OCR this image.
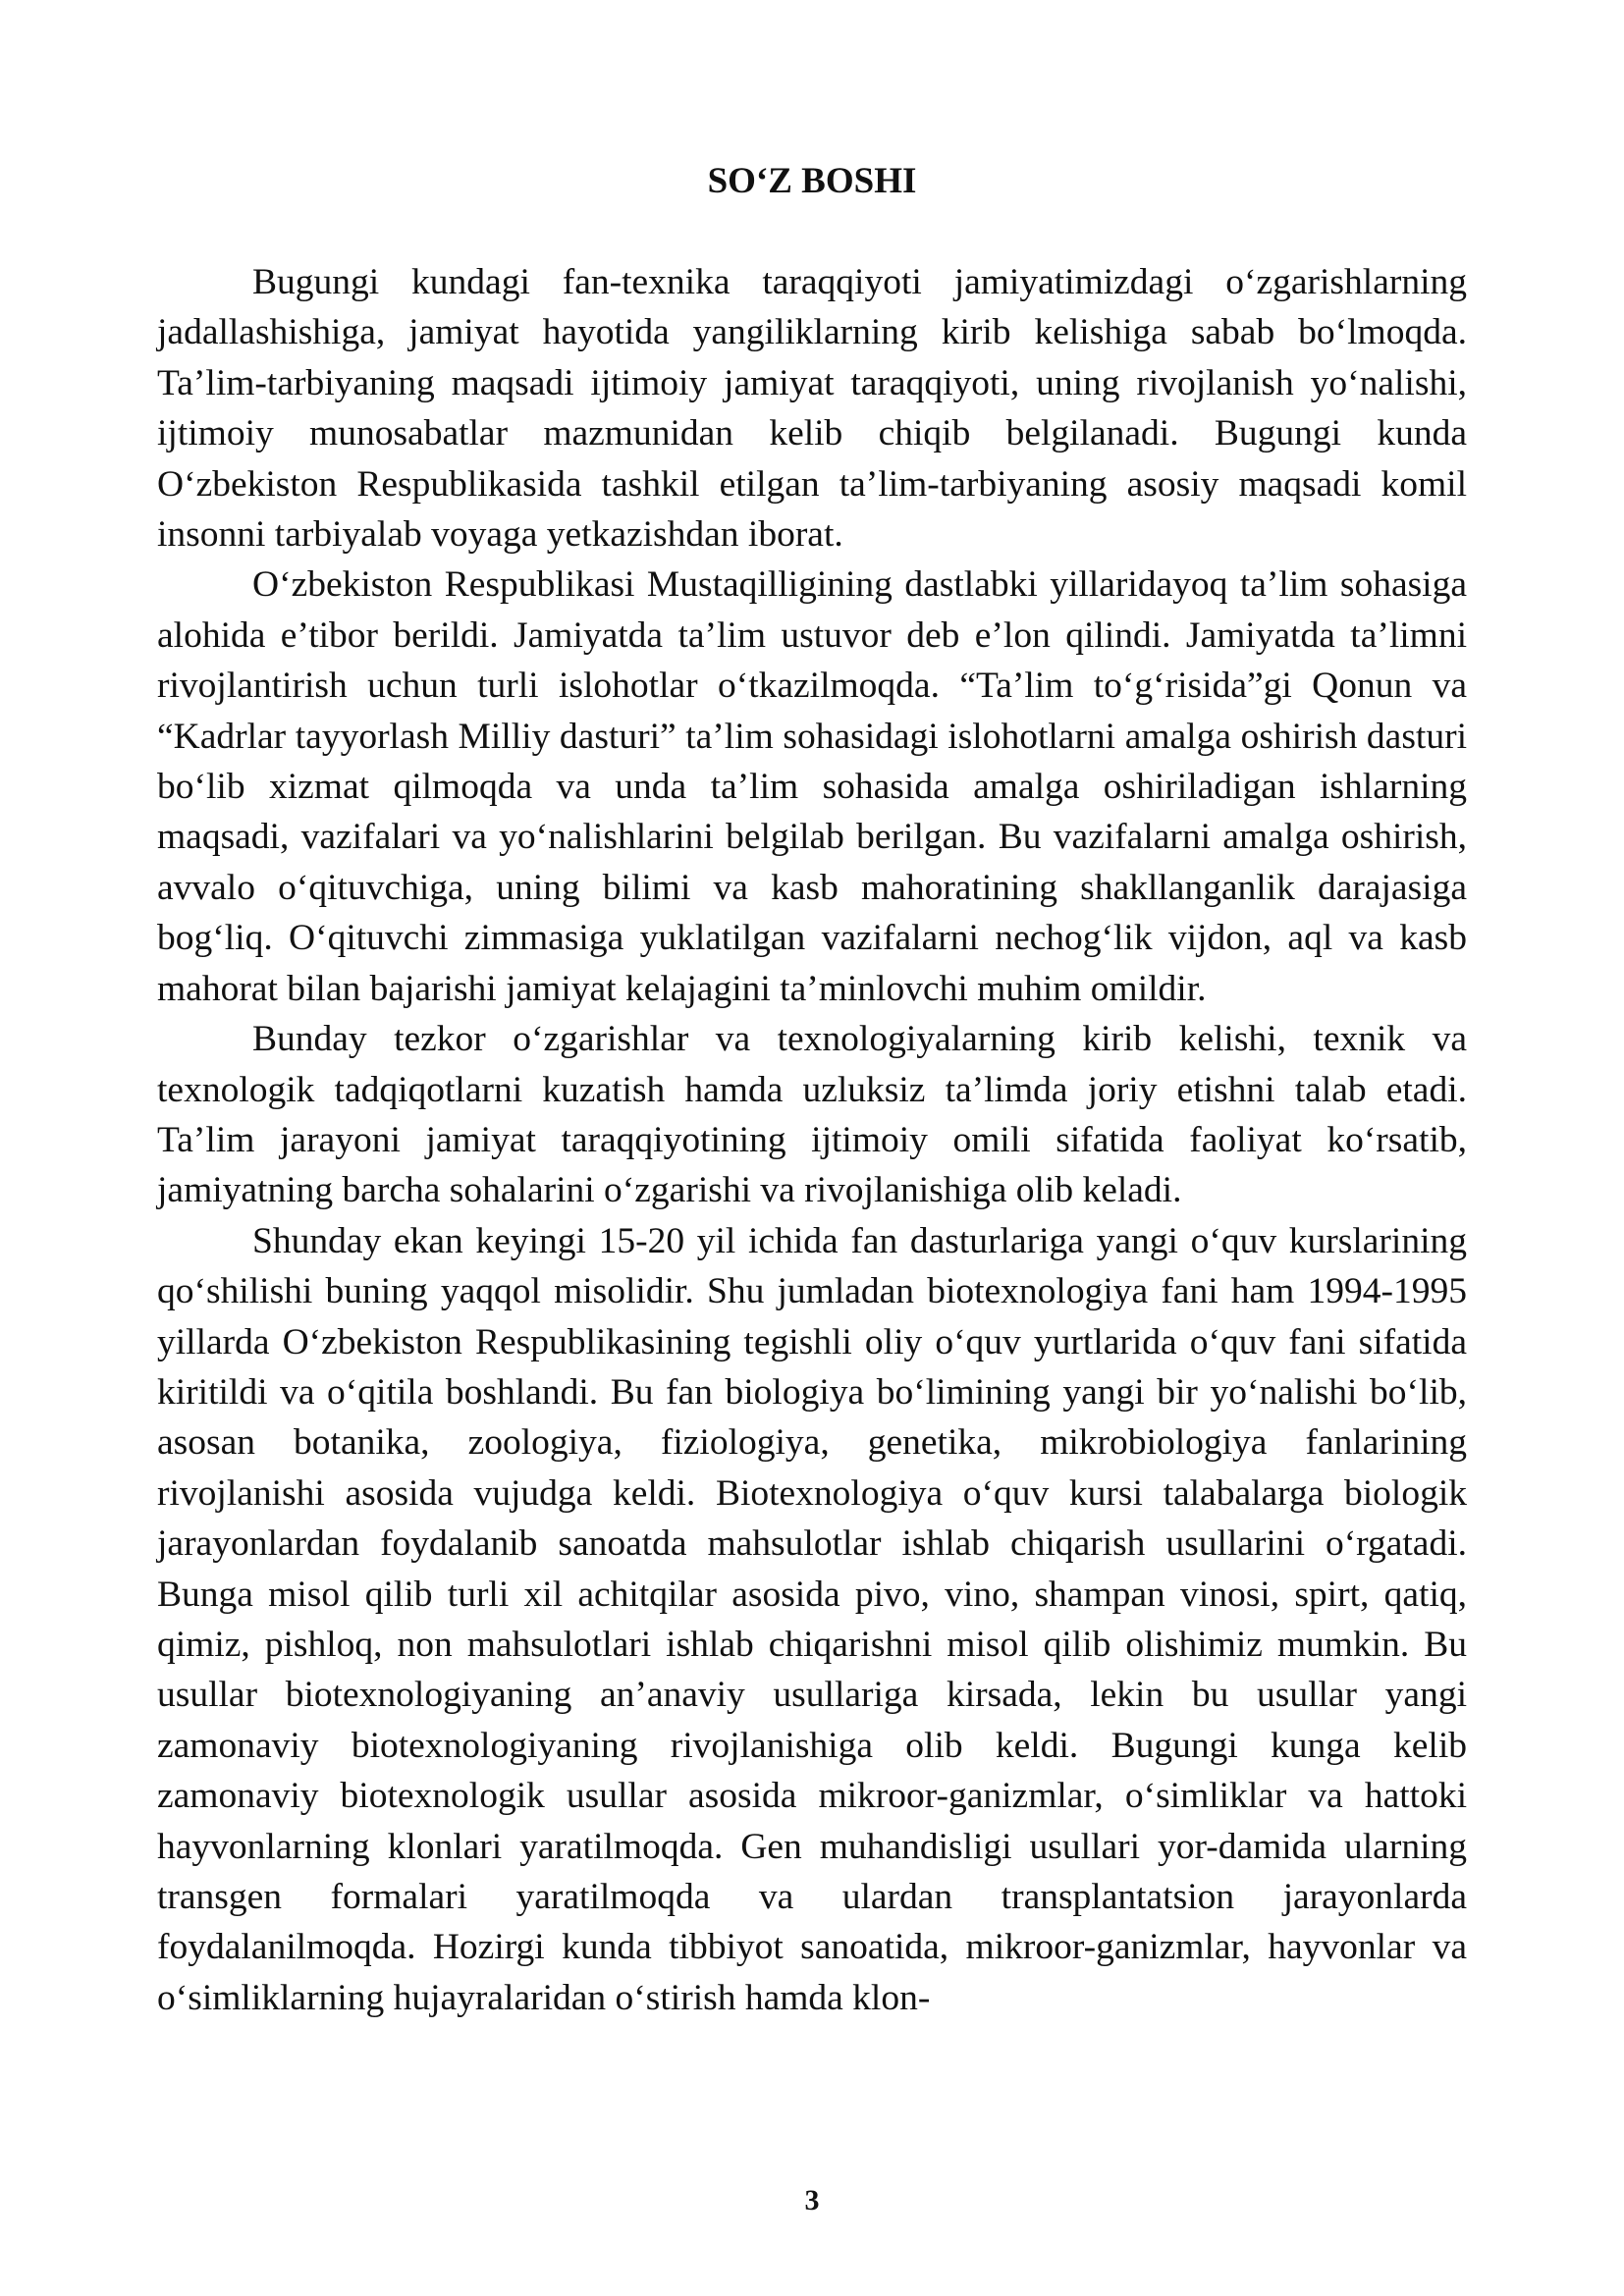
SO‘Z BOSHI

Bugungi kundagi fan-texnika taraqqiyoti jamiyatimizdagi o‘zgarishlarning jadallashishiga, jamiyat hayotida yangiliklarning kirib kelishiga sabab bo‘lmoqda. Ta’lim-tarbiyaning maqsadi ijtimoiy jamiyat taraqqiyoti, uning rivojlanish yo‘nalishi, ijtimoiy munosabatlar mazmunidan kelib chiqib belgilanadi. Bugungi kunda O‘zbekiston Respublikasida tashkil etilgan ta’lim-tarbiyaning asosiy maqsadi komil insonni tarbiyalab voyaga yetkazishdan iborat.

O‘zbekiston Respublikasi Mustaqilligining dastlabki yillaridayoq ta’lim sohasiga alohida e’tibor berildi. Jamiyatda ta’lim ustuvor deb e’lon qilindi. Jamiyatda ta’limni rivojlantirish uchun turli islohotlar o‘tkazilmoqda. “Ta’lim to‘g‘risida”gi Qonun va “Kadrlar tayyorlash Milliy dasturi” ta’lim sohasidagi islohotlarni amalga oshirish dasturi bo‘lib xizmat qilmoqda va unda ta’lim sohasida amalga oshiriladigan ishlarning maqsadi, vazifalari va yo‘nalishlarini belgilab berilgan. Bu vazifalarni amalga oshirish, avvalo o‘qituvchiga, uning bilimi va kasb mahoratining shakllanganlik darajasiga bog‘liq. O‘qituvchi zimmasiga yuklatilgan vazifalarni nechog‘lik vijdon, aql va kasb mahorat bilan bajarishi jamiyat kelajagini ta’minlovchi muhim omildir.

Bunday tezkor o‘zgarishlar va texnologiyalarning kirib kelishi, texnik va texnologik tadqiqotlarni kuzatish hamda uzluksiz ta’limda joriy etishni talab etadi. Ta’lim jarayoni jamiyat taraqqiyotining ijtimoiy omili sifatida faoliyat ko‘rsatib, jamiyatning barcha sohalarini o‘zgarishi va rivojlanishiga olib keladi.

Shunday ekan keyingi 15-20 yil ichida fan dasturlariga yangi o‘quv kurslarining qo‘shilishi buning yaqqol misolidir. Shu jumladan biotexnologiya fani ham 1994-1995 yillarda O‘zbekiston Respublikasining tegishli oliy o‘quv yurtlarida o‘quv fani sifatida kiritildi va o‘qitila boshlandi. Bu fan biologiya bo‘limining yangi bir yo‘nalishi bo‘lib, asosan botanika, zoologiya, fiziologiya, genetika, mikrobiologiya fanlarining rivojlanishi asosida vujudga keldi. Biotexnologiya o‘quv kursi talabalarga biologik jarayonlardan foydalanib sanoatda mahsulotlar ishlab chiqarish usullarini o‘rgatadi. Bunga misol qilib turli xil achitqilar asosida pivo, vino, shampan vinosi, spirt, qatiq, qimiz, pishloq, non mahsulotlari ishlab chiqarishni misol qilib olishimiz mumkin. Bu usullar biotexnologiyaning an’anaviy usullariga kirsada, lekin bu usullar yangi zamonaviy biotexnologiyaning rivojlanishiga olib keldi. Bugungi kunga kelib zamonaviy biotexnologik usullar asosida mikroor-ganizmlar, o‘simliklar va hattoki hayvonlarning klonlari yaratilmoqda. Gen muhandisligi usullari yor-damida ularning transgen formalari yaratilmoqda va ulardan transplantatsion jarayonlarda foydalanilmoqda. Hozirgi kunda tibbiyot sanoatida, mikroor-ganizmlar, hayvonlar va o‘simliklarning hujayralaridan o‘stirish hamda klon-

3
